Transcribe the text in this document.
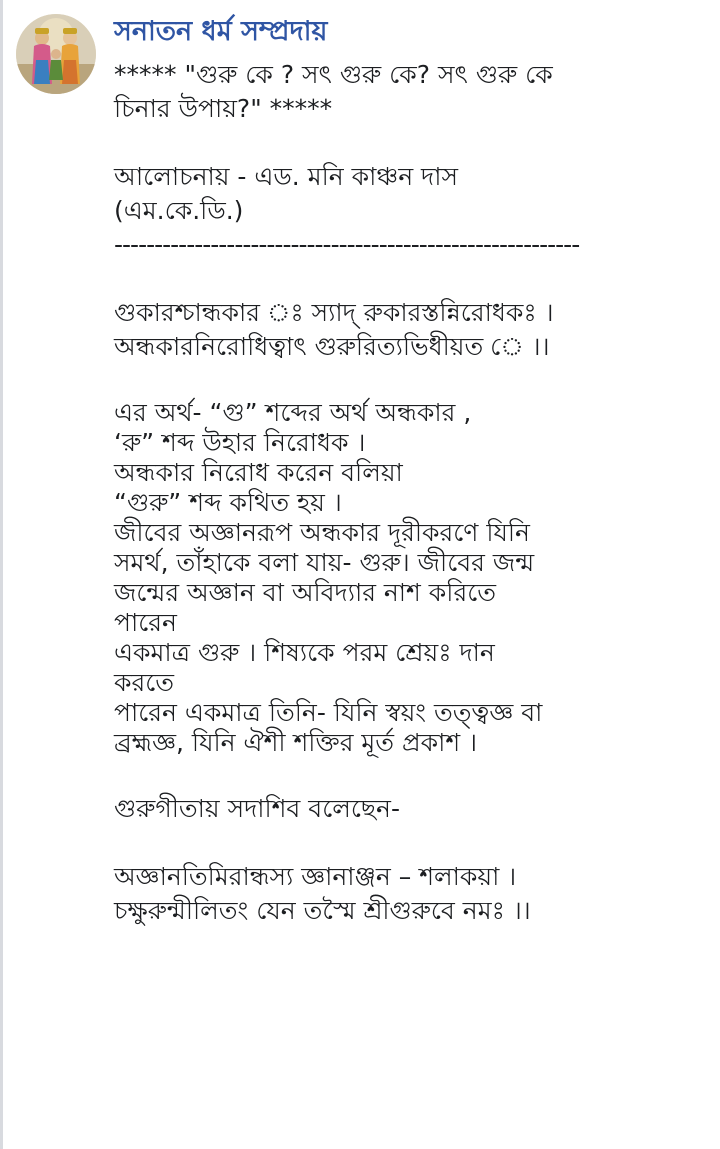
সনাতন ধর্ম সম্প্রদায়
***** "গুরু কে ? সৎ গুরু কে? সৎ গুরু কে
চিনার উপায়?" *****
আলোচনায় - এড. মনি কাঞ্চন দাস
(এম.কে.ডি.)
----------------------------------------------------------
গুকারশ্চান্ধকার ঃ স্যাদ্ রুকারস্তন্নিরোধকঃ ।
অন্ধকারনিরোধিত্বাৎ গুরুরিত্যভিধীয়ত ে ।।
এর অর্থ- “গু” শব্দের অর্থ অন্ধকার ,
‘রু” শব্দ উহার নিরোধক ।
অন্ধকার নিরোধ করেন বলিয়া
“গুরু” শব্দ কথিত হয় ।
জীবের অজ্ঞানরূপ অন্ধকার দূরীকরণে যিনি
সমর্থ, তাঁহাকে বলা যায়- গুরু। জীবের জন্ম
জন্মের অজ্ঞান বা অবিদ্যার নাশ করিতে
পারেন
একমাত্র গুরু । শিষ্যকে পরম শ্রেয়ঃ দান
করতে
পারেন একমাত্র তিনি- যিনি স্বয়ং তত্ত্বজ্ঞ বা
ব্রহ্মজ্ঞ, যিনি ঐশী শক্তির মূর্ত প্রকাশ ।
গুরুগীতায় সদাশিব বলেছেন-
অজ্ঞানতিমিরান্ধস্য জ্ঞানাঞ্জন – শলাকয়া ।
চক্ষুরুন্মীলিতং যেন তস্মৈ শ্রীগুরুবে নমঃ ।।
